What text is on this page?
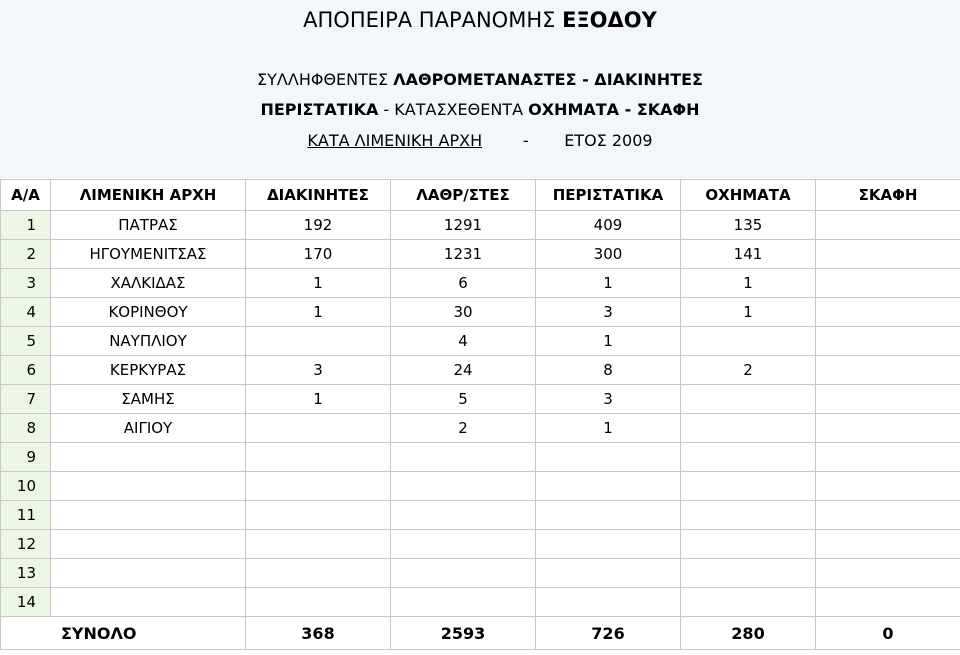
ΑΠΟΠΕΙΡΑ ΠΑΡΑΝΟΜΗΣ ΕΞΟΔΟΥ
ΣΥΛΛΗΦΘΕΝΤΕΣ ΛΑΘΡΟΜΕΤΑΝΑΣΤΕΣ - ΔΙΑΚΙΝΗΤΕΣ
ΠΕΡΙΣΤΑΤΙΚΑ - ΚΑΤΑΣΧΕΘΕΝΤΑ ΟΧΗΜΑΤΑ - ΣΚΑΦΗ
ΚΑΤΑ ΛΙΜΕΝΙΚΗ ΑΡΧΗ        -       ΕΤΟΣ 2009
Α/Α	ΛΙΜΕΝΙΚΗ ΑΡΧΗ	ΔΙΑΚΙΝΗΤΕΣ	ΛΑΘΡ/ΣΤΕΣ	ΠΕΡΙΣΤΑΤΙΚΑ	ΟΧΗΜΑΤΑ	ΣΚΑΦΗ
1	ΠΑΤΡΑΣ	192	1291	409	135	
2	ΗΓΟΥΜΕΝΙΤΣΑΣ	170	1231	300	141	
3	ΧΑΛΚΙΔΑΣ	1	6	1	1	
4	ΚΟΡΙΝΘΟΥ	1	30	3	1	
5	ΝΑΥΠΛΙΟΥ		4	1		
6	ΚΕΡΚΥΡΑΣ	3	24	8	2	
7	ΣΑΜΗΣ	1	5	3		
8	ΑΙΓΙΟΥ		2	1		
9						
10						
11						
12						
13						
14						
ΣΥΝΟΛΟ		368	2593	726	280	0
